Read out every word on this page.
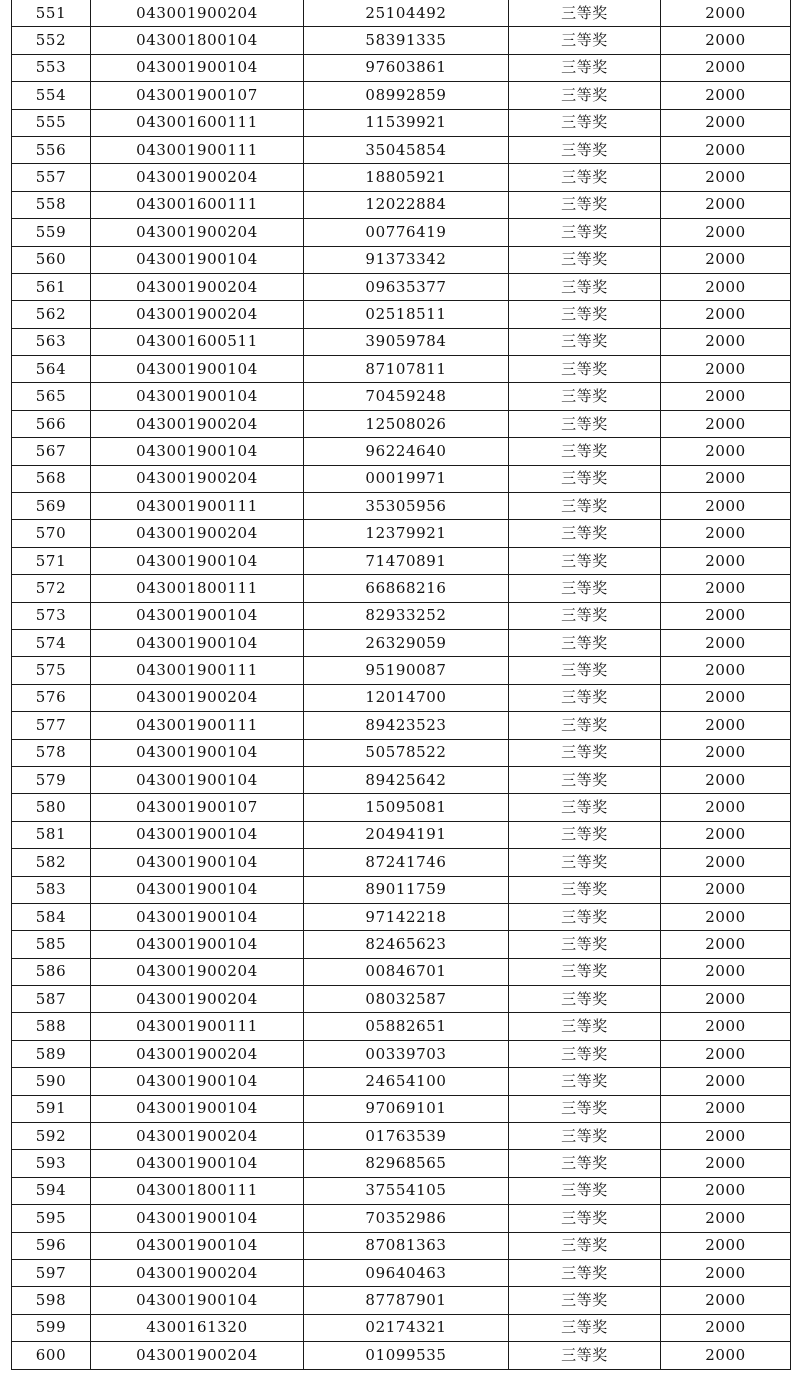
551	043001900204	25104492	三等奖	2000
552	043001800104	58391335	三等奖	2000
553	043001900104	97603861	三等奖	2000
554	043001900107	08992859	三等奖	2000
555	043001600111	11539921	三等奖	2000
556	043001900111	35045854	三等奖	2000
557	043001900204	18805921	三等奖	2000
558	043001600111	12022884	三等奖	2000
559	043001900204	00776419	三等奖	2000
560	043001900104	91373342	三等奖	2000
561	043001900204	09635377	三等奖	2000
562	043001900204	02518511	三等奖	2000
563	043001600511	39059784	三等奖	2000
564	043001900104	87107811	三等奖	2000
565	043001900104	70459248	三等奖	2000
566	043001900204	12508026	三等奖	2000
567	043001900104	96224640	三等奖	2000
568	043001900204	00019971	三等奖	2000
569	043001900111	35305956	三等奖	2000
570	043001900204	12379921	三等奖	2000
571	043001900104	71470891	三等奖	2000
572	043001800111	66868216	三等奖	2000
573	043001900104	82933252	三等奖	2000
574	043001900104	26329059	三等奖	2000
575	043001900111	95190087	三等奖	2000
576	043001900204	12014700	三等奖	2000
577	043001900111	89423523	三等奖	2000
578	043001900104	50578522	三等奖	2000
579	043001900104	89425642	三等奖	2000
580	043001900107	15095081	三等奖	2000
581	043001900104	20494191	三等奖	2000
582	043001900104	87241746	三等奖	2000
583	043001900104	89011759	三等奖	2000
584	043001900104	97142218	三等奖	2000
585	043001900104	82465623	三等奖	2000
586	043001900204	00846701	三等奖	2000
587	043001900204	08032587	三等奖	2000
588	043001900111	05882651	三等奖	2000
589	043001900204	00339703	三等奖	2000
590	043001900104	24654100	三等奖	2000
591	043001900104	97069101	三等奖	2000
592	043001900204	01763539	三等奖	2000
593	043001900104	82968565	三等奖	2000
594	043001800111	37554105	三等奖	2000
595	043001900104	70352986	三等奖	2000
596	043001900104	87081363	三等奖	2000
597	043001900204	09640463	三等奖	2000
598	043001900104	87787901	三等奖	2000
599	4300161320	02174321	三等奖	2000
600	043001900204	01099535	三等奖	2000
